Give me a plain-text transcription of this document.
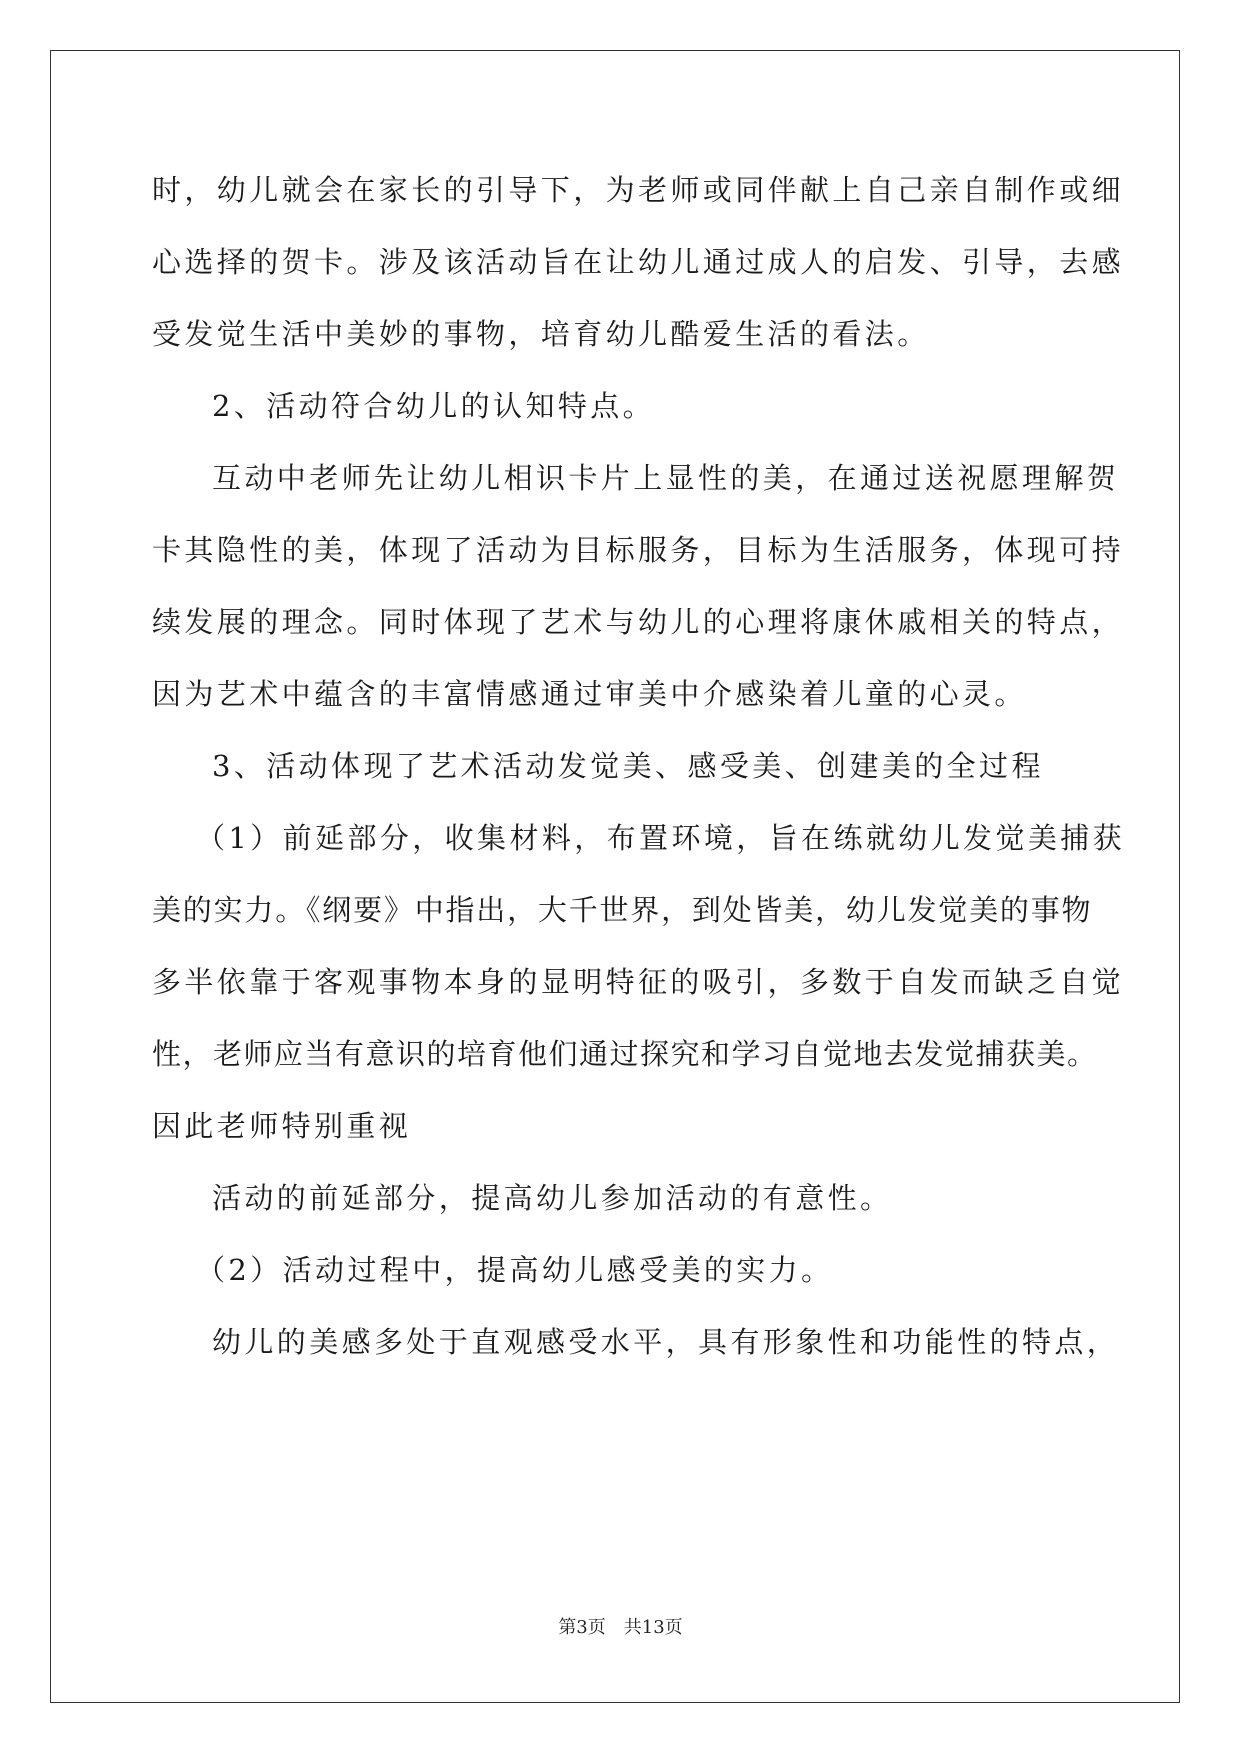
时，幼儿就会在家长的引导下，为老师或同伴献上自己亲自制作或细
心选择的贺卡。涉及该活动旨在让幼儿通过成人的启发、引导，去感
受发觉生活中美妙的事物，培育幼儿酷爱生活的看法。
2、活动符合幼儿的认知特点。
互动中老师先让幼儿相识卡片上显性的美，在通过送祝愿理解贺
卡其隐性的美，体现了活动为目标服务，目标为生活服务，体现可持
续发展的理念。同时体现了艺术与幼儿的心理将康休戚相关的特点，
因为艺术中蕴含的丰富情感通过审美中介感染着儿童的心灵。
3、活动体现了艺术活动发觉美、感受美、创建美的全过程
（1）前延部分，收集材料，布置环境，旨在练就幼儿发觉美捕获
美的实力。《纲要》中指出，大千世界，到处皆美，幼儿发觉美的事物
多半依靠于客观事物本身的显明特征的吸引，多数于自发而缺乏自觉
性，老师应当有意识的培育他们通过探究和学习自觉地去发觉捕获美。
因此老师特别重视
活动的前延部分，提高幼儿参加活动的有意性。
（2）活动过程中，提高幼儿感受美的实力。
幼儿的美感多处于直观感受水平，具有形象性和功能性的特点，
第3页　共13页
